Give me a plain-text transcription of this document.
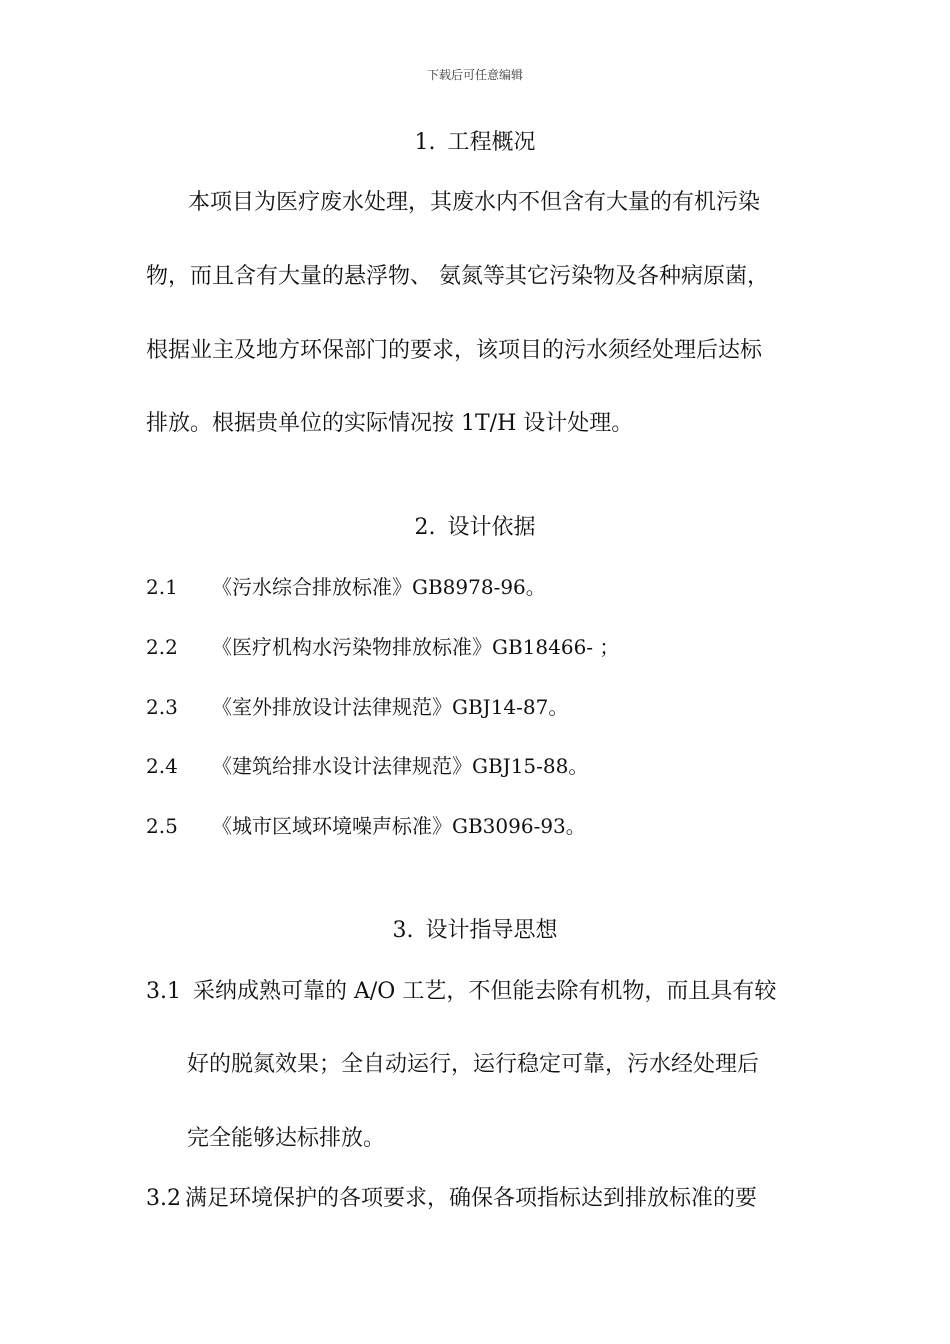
下载后可任意编辑
1. 工程概况
本项目为医疗废水处理，其废水内不但含有大量的有机污染
物，而且含有大量的悬浮物、 氨氮等其它污染物及各种病原菌，
根据业主及地方环保部门的要求，该项目的污水须经处理后达标
排放。根据贵单位的实际情况按 1T/H 设计处理。
2. 设计依据
2.1 《污水综合排放标准》GB8978-96。
2.2 《医疗机构水污染物排放标准》GB18466- ；
2.3 《室外排放设计法律规范》GBJ14-87。
2.4 《建筑给排水设计法律规范》GBJ15-88。
2.5 《城市区域环境噪声标准》GB3096-93。
3. 设计指导思想
3.1 采纳成熟可靠的 A/O 工艺，不但能去除有机物，而且具有较
好的脱氮效果；全自动运行，运行稳定可靠，污水经处理后
完全能够达标排放。
3.2 满足环境保护的各项要求，确保各项指标达到排放标准的要
